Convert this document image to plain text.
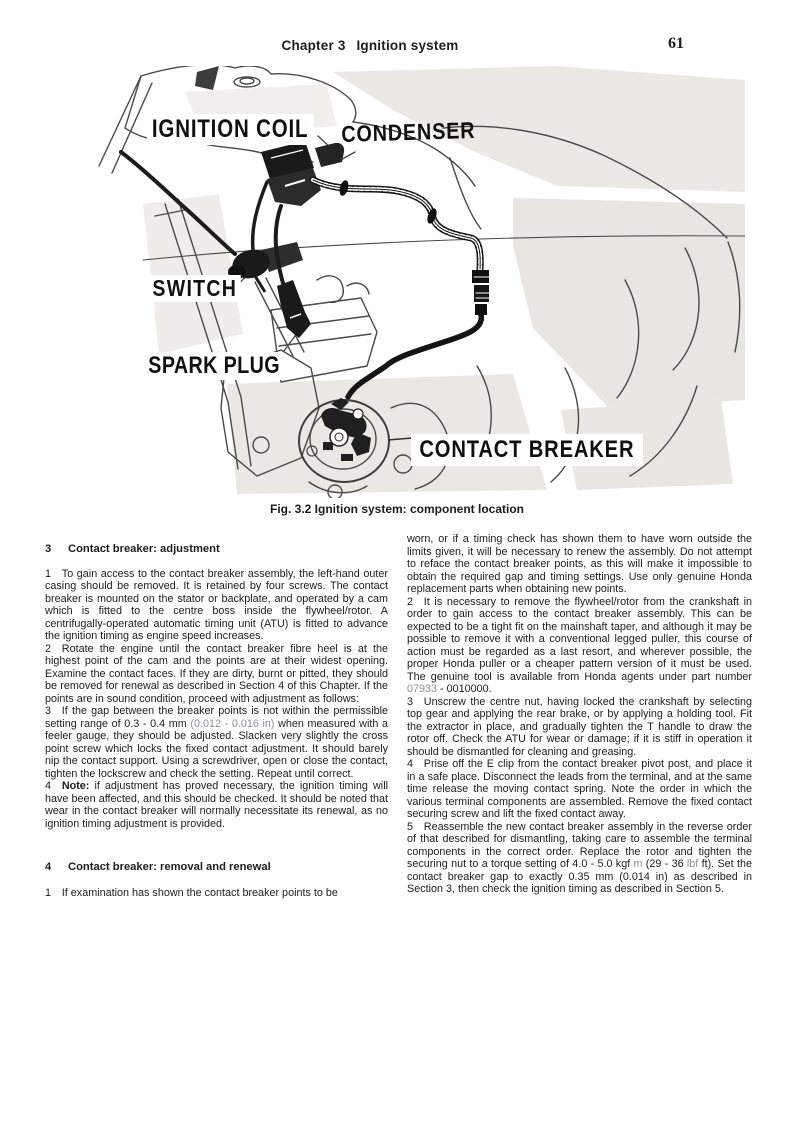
Chapter 3  Ignition system	61
IGNITION COIL CONDENSER
SWITCH
SPARK PLUG
CONTACT BREAKER
Fig. 3.2 Ignition system: component location
3 Contact breaker: adjustment

1  To gain access to the contact breaker assembly, the left-hand outer casing should be removed. It is retained by four screws. The contact breaker is mounted on the stator or backplate, and operated by a cam which is fitted to the centre boss inside the flywheel/rotor. A centrifugally-operated automatic timing unit (ATU) is fitted to advance the ignition timing as engine speed increases.

2  Rotate the engine until the contact breaker fibre heel is at the highest point of the cam and the points are at their widest opening. Examine the contact faces. If they are dirty, burnt or pitted, they should be removed for renewal as described in Section 4 of this Chapter. If the points are in sound condition, proceed with adjustment as follows:

3  If the gap between the breaker points is not within the permissible setting range of 0.3 - 0.4 mm (0.012 - 0.016 in) when measured with a feeler gauge, they should be adjusted. Slacken very slightly the cross point screw which locks the fixed contact adjustment. It should barely nip the contact support. Using a screwdriver, open or close the contact, tighten the lockscrew and check the setting. Repeat until correct.

4  Note: if adjustment has proved necessary, the ignition timing will have been affected, and this should be checked. It should be noted that wear in the contact breaker will normally necessitate its renewal, as no ignition timing adjustment is provided.

4 Contact breaker: removal and renewal

1  If examination has shown the contact breaker points to be

worn, or if a timing check has shown them to have worn outside the limits given, it will be necessary to renew the assembly. Do not attempt to reface the contact breaker points, as this will make it impossible to obtain the required gap and timing settings. Use only genuine Honda replacement parts when obtaining new points.

2  It is necessary to remove the flywheel/rotor from the crankshaft in order to gain access to the contact breaker assembly. This can be expected to be a tight fit on the mainshaft taper, and although it may be possible to remove it with a conventional legged puller, this course of action must be regarded as a last resort, and wherever possible, the proper Honda puller or a cheaper pattern version of it must be used. The genuine tool is available from Honda agents under part number 07933 - 0010000.

3  Unscrew the centre nut, having locked the crankshaft by selecting top gear and applying the rear brake, or by applying a holding tool. Fit the extractor in place, and gradually tighten the T handle to draw the rotor off. Check the ATU for wear or damage; if it is stiff in operation it should be dismantled for cleaning and greasing.

4  Prise off the E clip from the contact breaker pivot post, and place it in a safe place. Disconnect the leads from the terminal, and at the same time release the moving contact spring. Note the order in which the various terminal components are assembled. Remove the fixed contact securing screw and lift the fixed contact away.

5  Reassemble the new contact breaker assembly in the reverse order of that described for dismantling, taking care to assemble the terminal components in the correct order. Replace the rotor and tighten the securing nut to a torque setting of 4.0 - 5.0 kgf m (29 - 36 lbf ft). Set the contact breaker gap to exactly 0.35 mm (0.014 in) as described in Section 3, then check the ignition timing as described in Section 5.
